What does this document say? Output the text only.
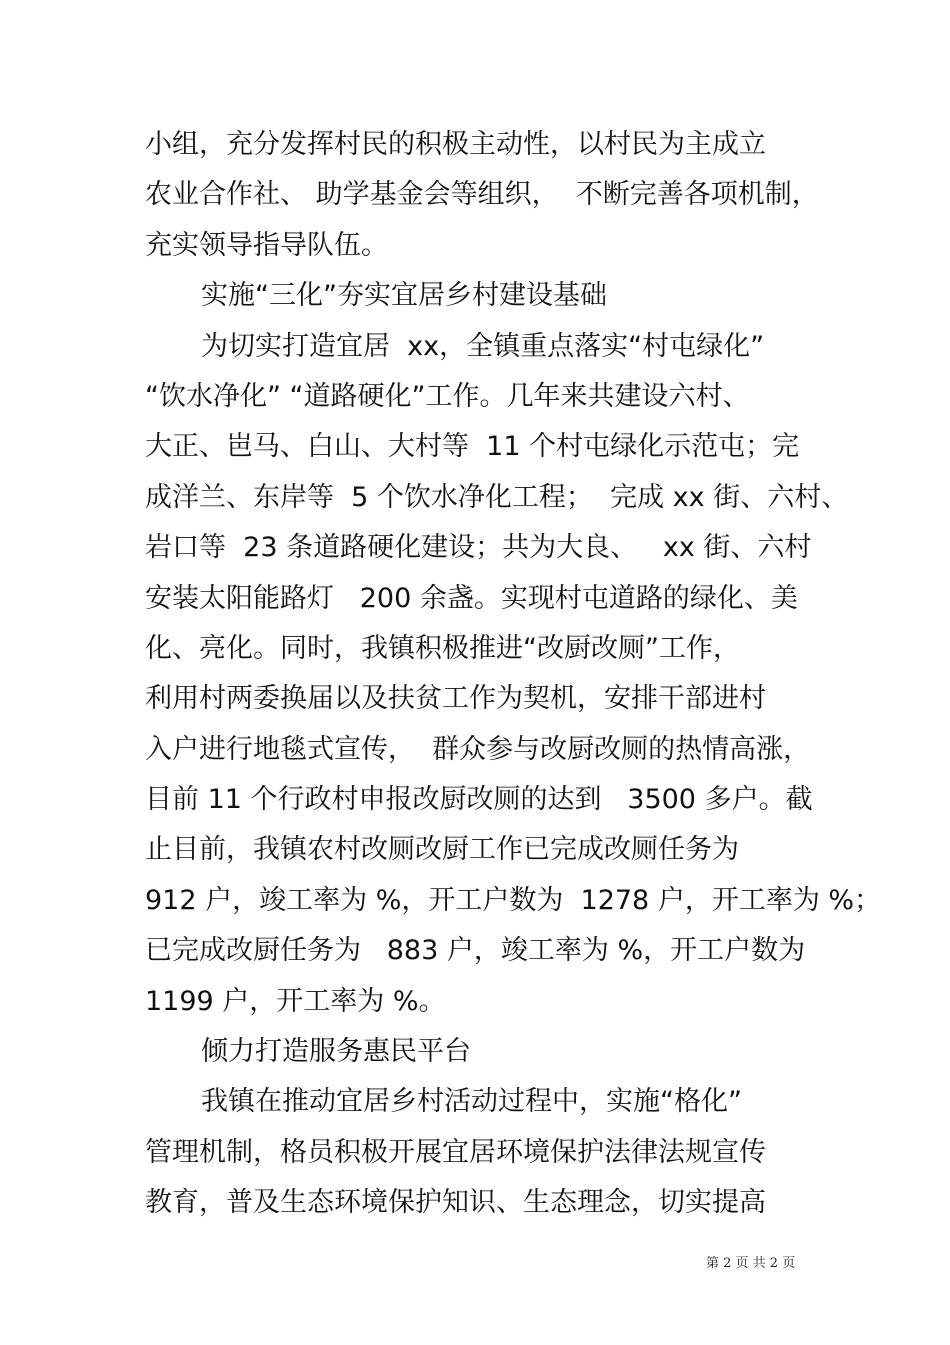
小组，充分发挥村民的积极主动性，以村民为主成立
农业合作社、 助学基金会等组织，  不断完善各项机制，
充实领导指导队伍。
实施“三化”夯实宜居乡村建设基础
为切实打造宜居  xx，全镇重点落实“村屯绿化”
“饮水净化” “道路硬化”工作。几年来共建设六村、
大正、岜马、白山、大村等  11 个村屯绿化示范屯；完
成洋兰、东岸等  5 个饮水净化工程；  完成 xx 街、六村、
岩口等  23 条道路硬化建设；共为大良、   xx 街、六村
安装太阳能路灯   200 余盏。实现村屯道路的绿化、美
化、亮化。同时，我镇积极推进“改厨改厕”工作，
利用村两委换届以及扶贫工作为契机，安排干部进村
入户进行地毯式宣传，  群众参与改厨改厕的热情高涨，
目前 11 个行政村申报改厨改厕的达到   3500 多户。截
止目前，我镇农村改厕改厨工作已完成改厕任务为
912 户，竣工率为 %，开工户数为  1278 户，开工率为 %；
已完成改厨任务为   883 户，竣工率为 %，开工户数为
1199 户，开工率为 %。
倾力打造服务惠民平台
我镇在推动宜居乡村活动过程中，实施“格化”
管理机制，格员积极开展宜居环境保护法律法规宣传
教育，普及生态环境保护知识、生态理念，切实提高
第 2 页 共 2 页
